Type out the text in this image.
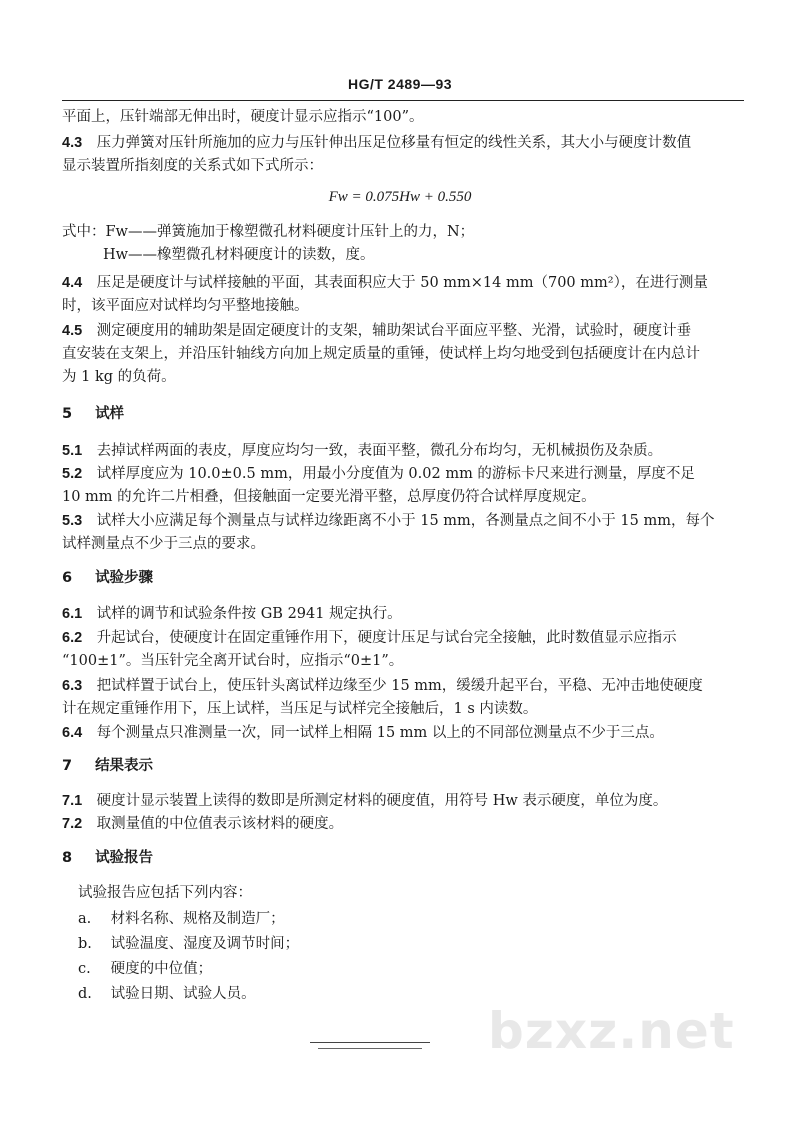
HG/T 2489—93
平面上，压针端部无伸出时，硬度计显示应指示“100”。
4.3 压力弹簧对压针所施加的应力与压针伸出压足位移量有恒定的线性关系，其大小与硬度计数值
显示装置所指刻度的关系式如下式所示：
Fw = 0.075Hw + 0.550
式中：Fw——弹簧施加于橡塑微孔材料硬度计压针上的力，N；
Hw——橡塑微孔材料硬度计的读数，度。
4.4 压足是硬度计与试样接触的平面，其表面积应大于 50 mm×14 mm（700 mm²），在进行测量
时，该平面应对试样均匀平整地接触。
4.5 测定硬度用的辅助架是固定硬度计的支架，辅助架试台平面应平整、光滑，试验时，硬度计垂
直安装在支架上，并沿压针轴线方向加上规定质量的重锤，使试样上均匀地受到包括硬度计在内总计
为 1 kg 的负荷。
5 试样
5.1 去掉试样两面的表皮，厚度应均匀一致，表面平整，微孔分布均匀，无机械损伤及杂质。
5.2 试样厚度应为 10.0±0.5 mm，用最小分度值为 0.02 mm 的游标卡尺来进行测量，厚度不足
10 mm 的允许二片相叠，但接触面一定要光滑平整，总厚度仍符合试样厚度规定。
5.3 试样大小应满足每个测量点与试样边缘距离不小于 15 mm，各测量点之间不小于 15 mm，每个
试样测量点不少于三点的要求。
6 试验步骤
6.1 试样的调节和试验条件按 GB 2941 规定执行。
6.2 升起试台，使硬度计在固定重锤作用下，硬度计压足与试台完全接触，此时数值显示应指示
“100±1”。当压针完全离开试台时，应指示“0±1”。
6.3 把试样置于试台上，使压针头离试样边缘至少 15 mm，缓缓升起平台，平稳、无冲击地使硬度
计在规定重锤作用下，压上试样，当压足与试样完全接触后，1 s 内读数。
6.4 每个测量点只准测量一次，同一试样上相隔 15 mm 以上的不同部位测量点不少于三点。
7 结果表示
7.1 硬度计显示装置上读得的数即是所测定材料的硬度值，用符号 Hw 表示硬度，单位为度。
7.2 取测量值的中位值表示该材料的硬度。
8 试验报告
试验报告应包括下列内容：
a. 材料名称、规格及制造厂；
b. 试验温度、湿度及调节时间；
c. 硬度的中位值；
d. 试验日期、试验人员。
bzxz.net
